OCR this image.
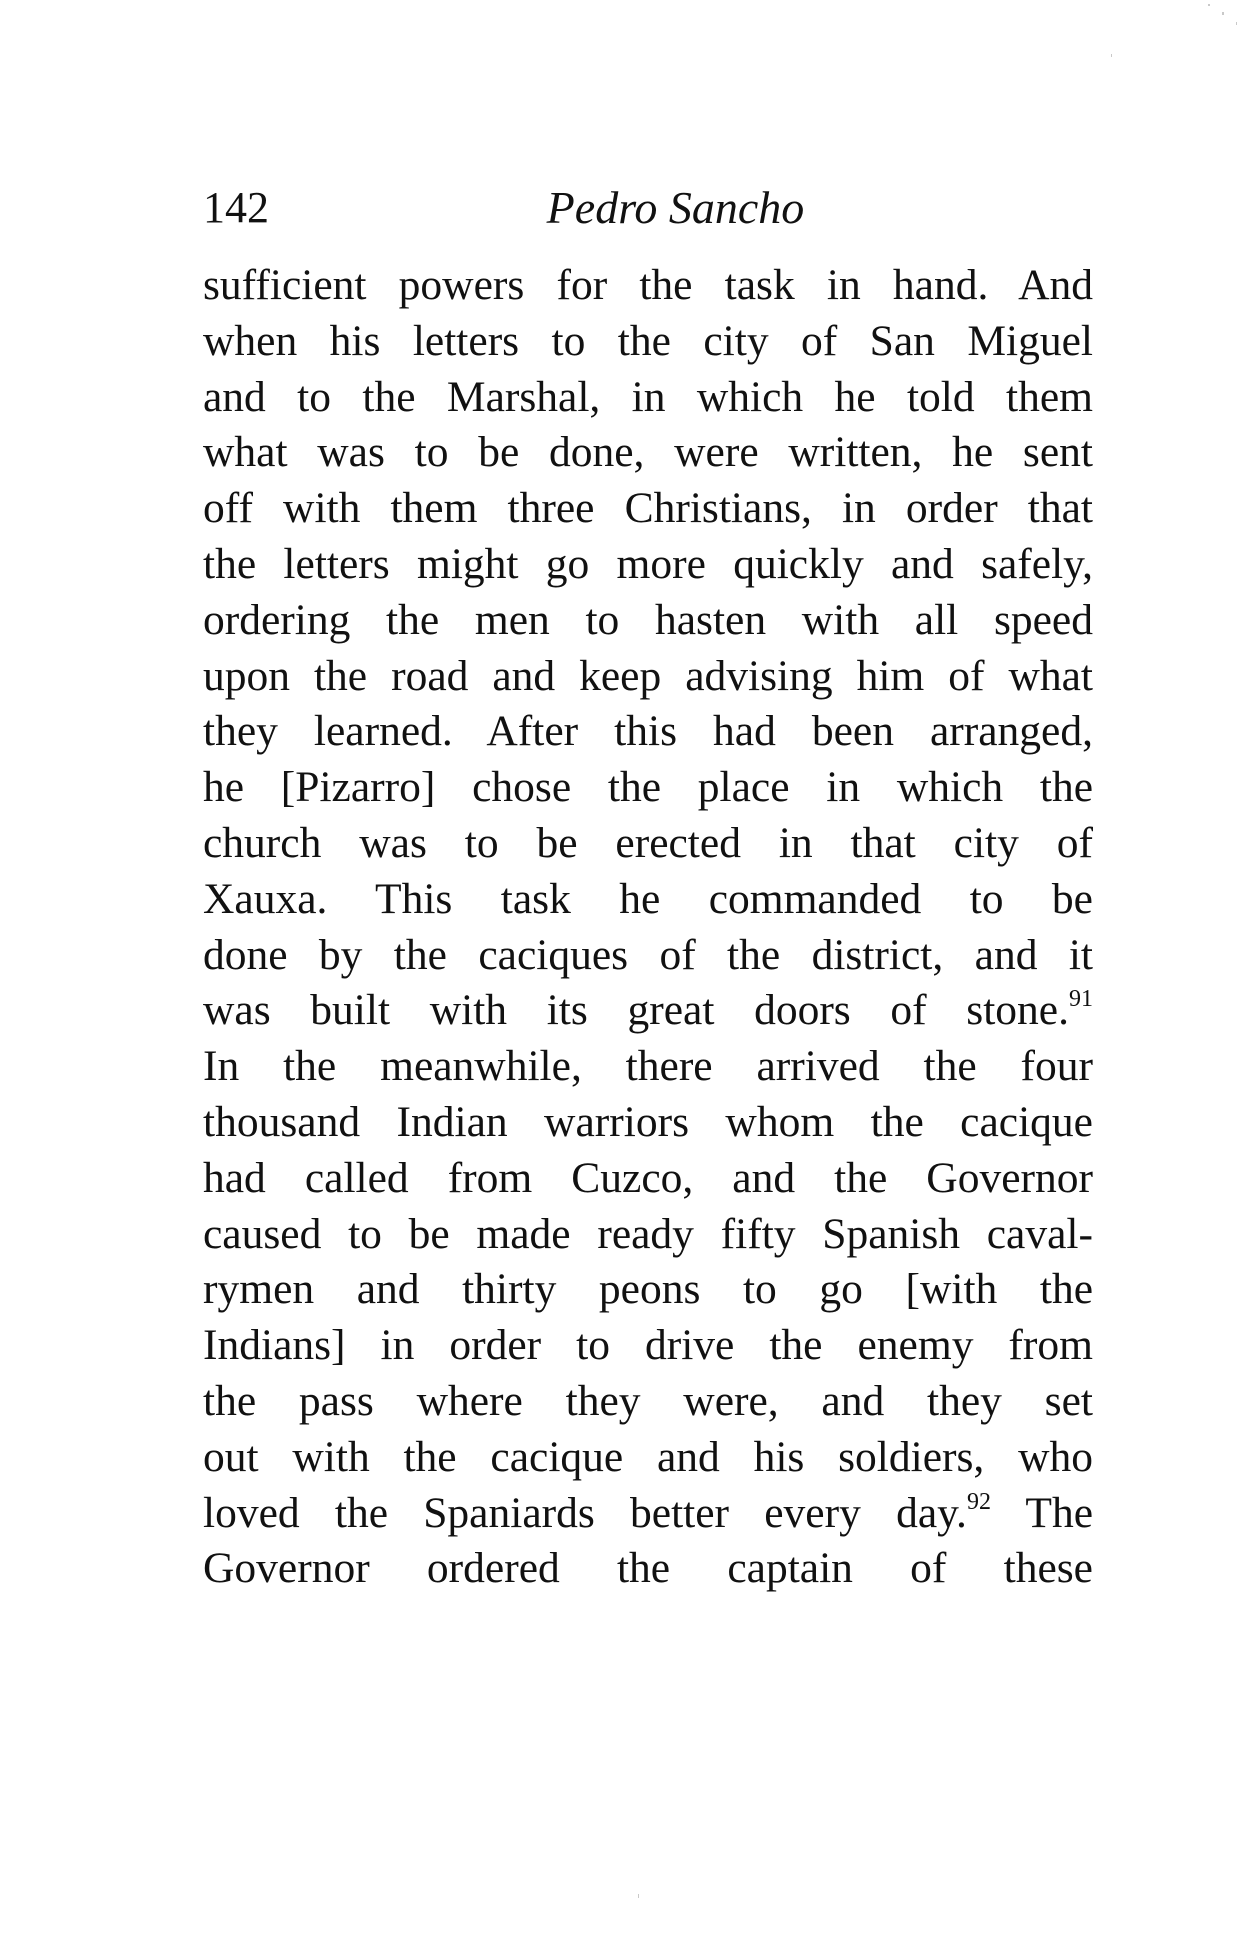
142	Pedro Sancho
sufficient powers for the task in hand. And
when his letters to the city of San Miguel
and to the Marshal, in which he told them
what was to be done, were written, he sent
off with them three Christians, in order that
the letters might go more quickly and safely,
ordering the men to hasten with all speed
upon the road and keep advising him of what
they learned. After this had been arranged,
he [Pizarro] chose the place in which the
church was to be erected in that city of
Xauxa. This task he commanded to be
done by the caciques of the district, and it
was built with its great doors of stone.$^{91}$
In the meanwhile, there arrived the four
thousand Indian warriors whom the cacique
had called from Cuzco, and the Governor
caused to be made ready fifty Spanish caval-
rymen and thirty peons to go [with the
Indians] in order to drive the enemy from
the pass where they were, and they set
out with the cacique and his soldiers, who
loved the Spaniards better every day.$^{92}$ The
Governor ordered the captain of these
